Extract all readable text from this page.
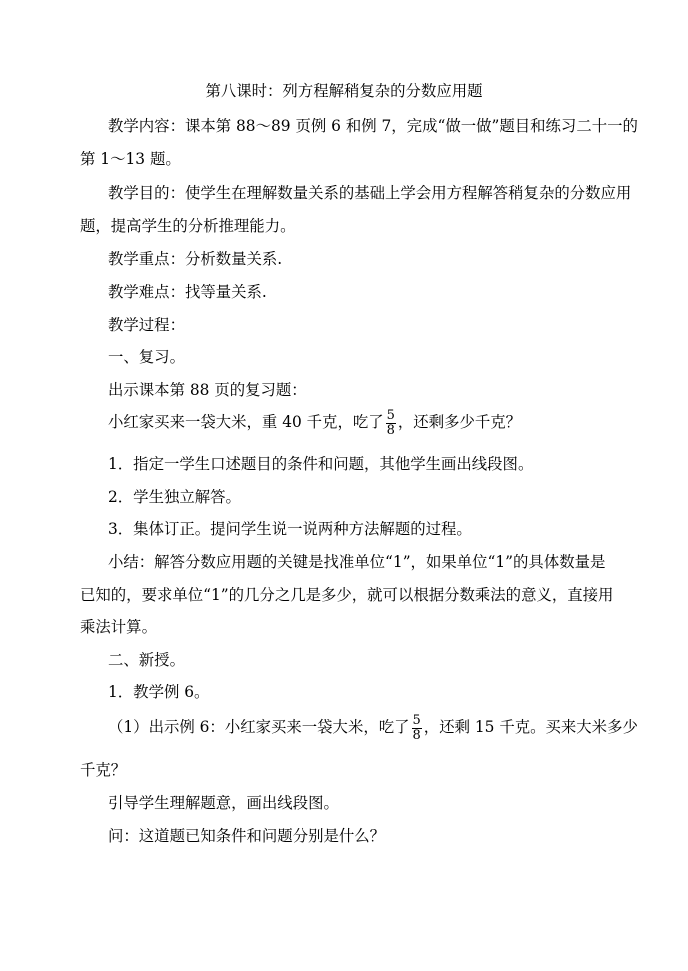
第八课时：列方程解稍复杂的分数应用题
教学内容：课本第 88～89 页例 6 和例 7，完成“做一做”题目和练习二十一的
第 1～13 题。
教学目的：使学生在理解数量关系的基础上学会用方程解答稍复杂的分数应用
题，提高学生的分析推理能力。
教学重点：分析数量关系.
教学难点：找等量关系.
教学过程：
一、复习。
出示课本第 88 页的复习题：
小红家买来一袋大米，重 40 千克，吃了 $\frac{5}{8}$ ，还剩多少千克？
1．指定一学生口述题目的条件和问题，其他学生画出线段图。
2．学生独立解答。
3．集体订正。提问学生说一说两种方法解题的过程。
小结：解答分数应用题的关键是找准单位“1”，如果单位“1”的具体数量是
已知的，要求单位“1”的几分之几是多少，就可以根据分数乘法的意义，直接用
乘法计算。
二、新授。
1．教学例 6。
（1）出示例 6：小红家买来一袋大米，吃了 $\frac{5}{8}$ ，还剩 15 千克。买来大米多少
千克？
引导学生理解题意，画出线段图。
问：这道题已知条件和问题分别是什么？
